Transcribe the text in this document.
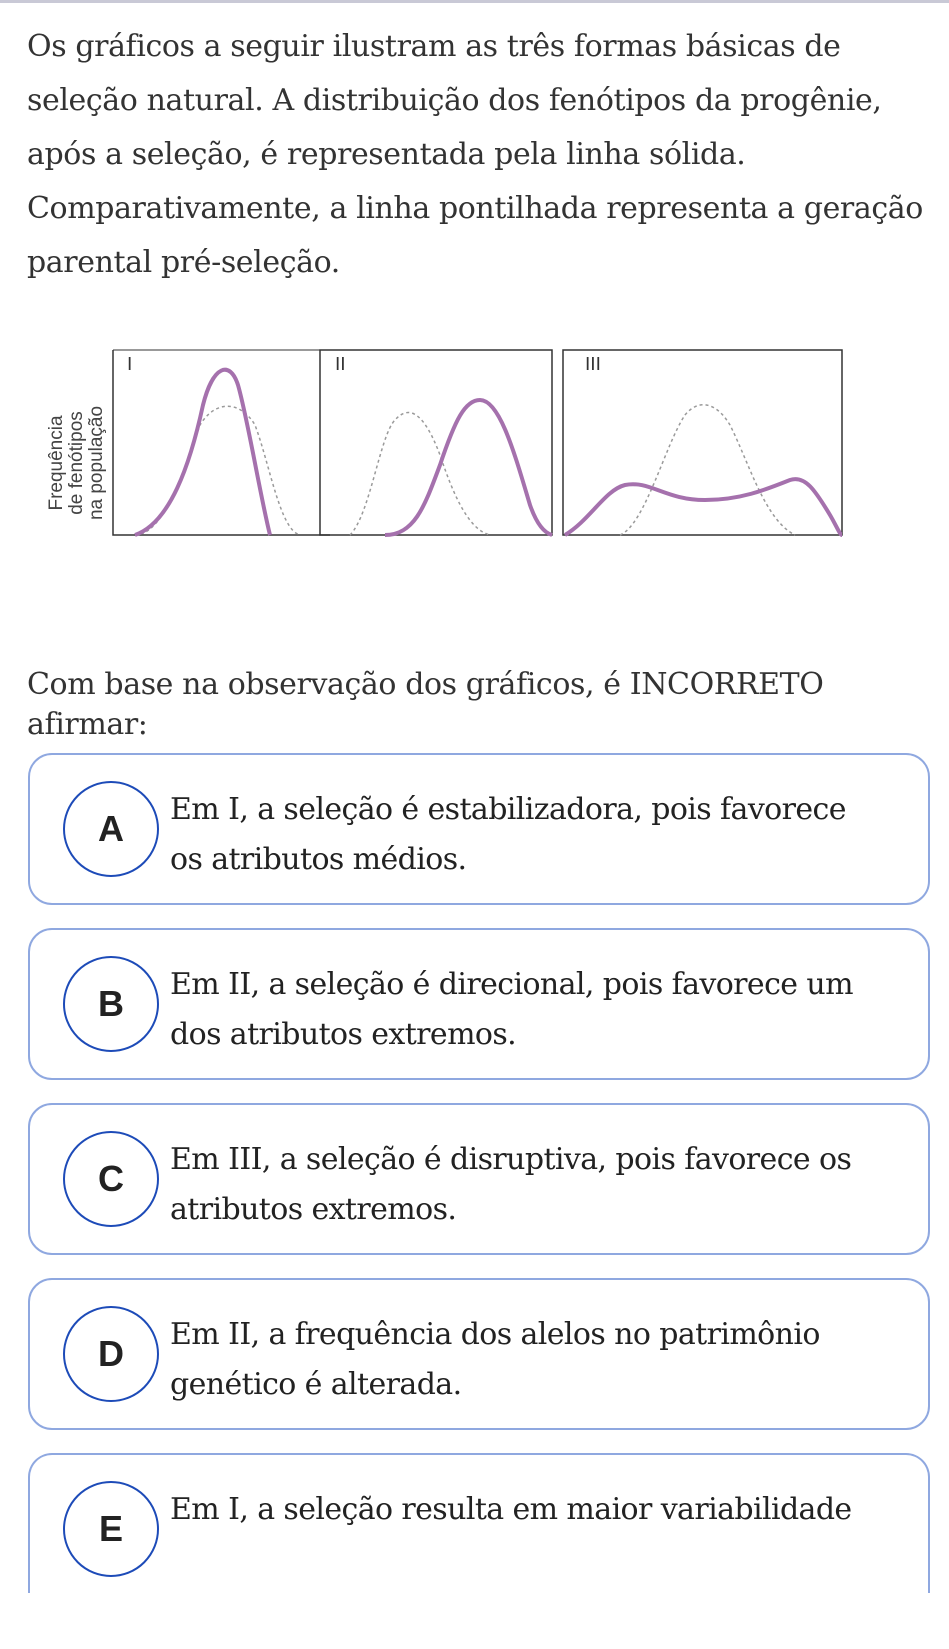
Os gráficos a seguir ilustram as três formas básicas de seleção natural. A distribuição dos fenótipos da progênie, após a seleção, é representada pela linha sólida. Comparativamente, a linha pontilhada representa a geração parental pré-seleção.

Frequência de fenótipos na população
I	II	III

Com base na observação dos gráficos, é INCORRETO afirmar:

A	Em I, a seleção é estabilizadora, pois favorece os atributos médios.
B	Em II, a seleção é direcional, pois favorece um dos atributos extremos.
C	Em III, a seleção é disruptiva, pois favorece os atributos extremos.
D	Em II, a frequência dos alelos no patrimônio genético é alterada.
E	Em I, a seleção resulta em maior variabilidade
